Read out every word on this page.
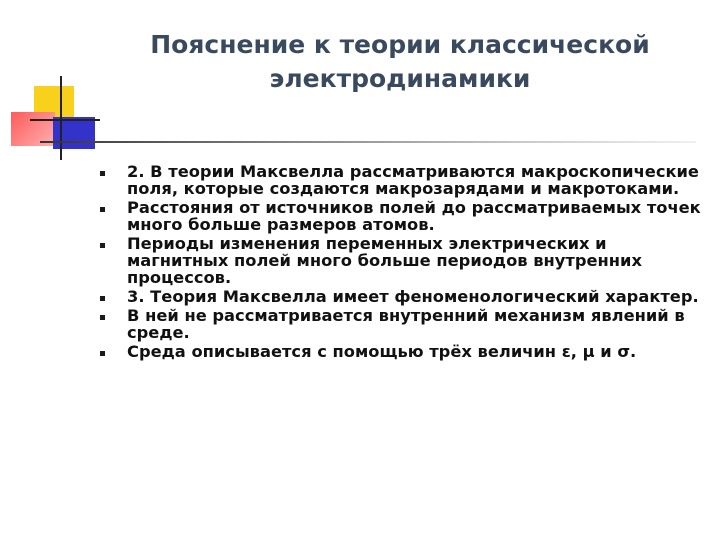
Пояснение к теории классической
электродинамики
2. В теории Максвелла рассматриваются макроскопические поля, которые создаются макрозарядами и макротоками.
Расстояния от источников полей до рассматриваемых точек много больше размеров атомов.
Периоды изменения переменных электрических и магнитных полей много больше периодов внутренних процессов.
3. Теория Максвелла имеет феноменологический характер.
В ней не рассматривается внутренний механизм явлений в среде.
Среда описывается с помощью трёх величин ε, μ и σ.
